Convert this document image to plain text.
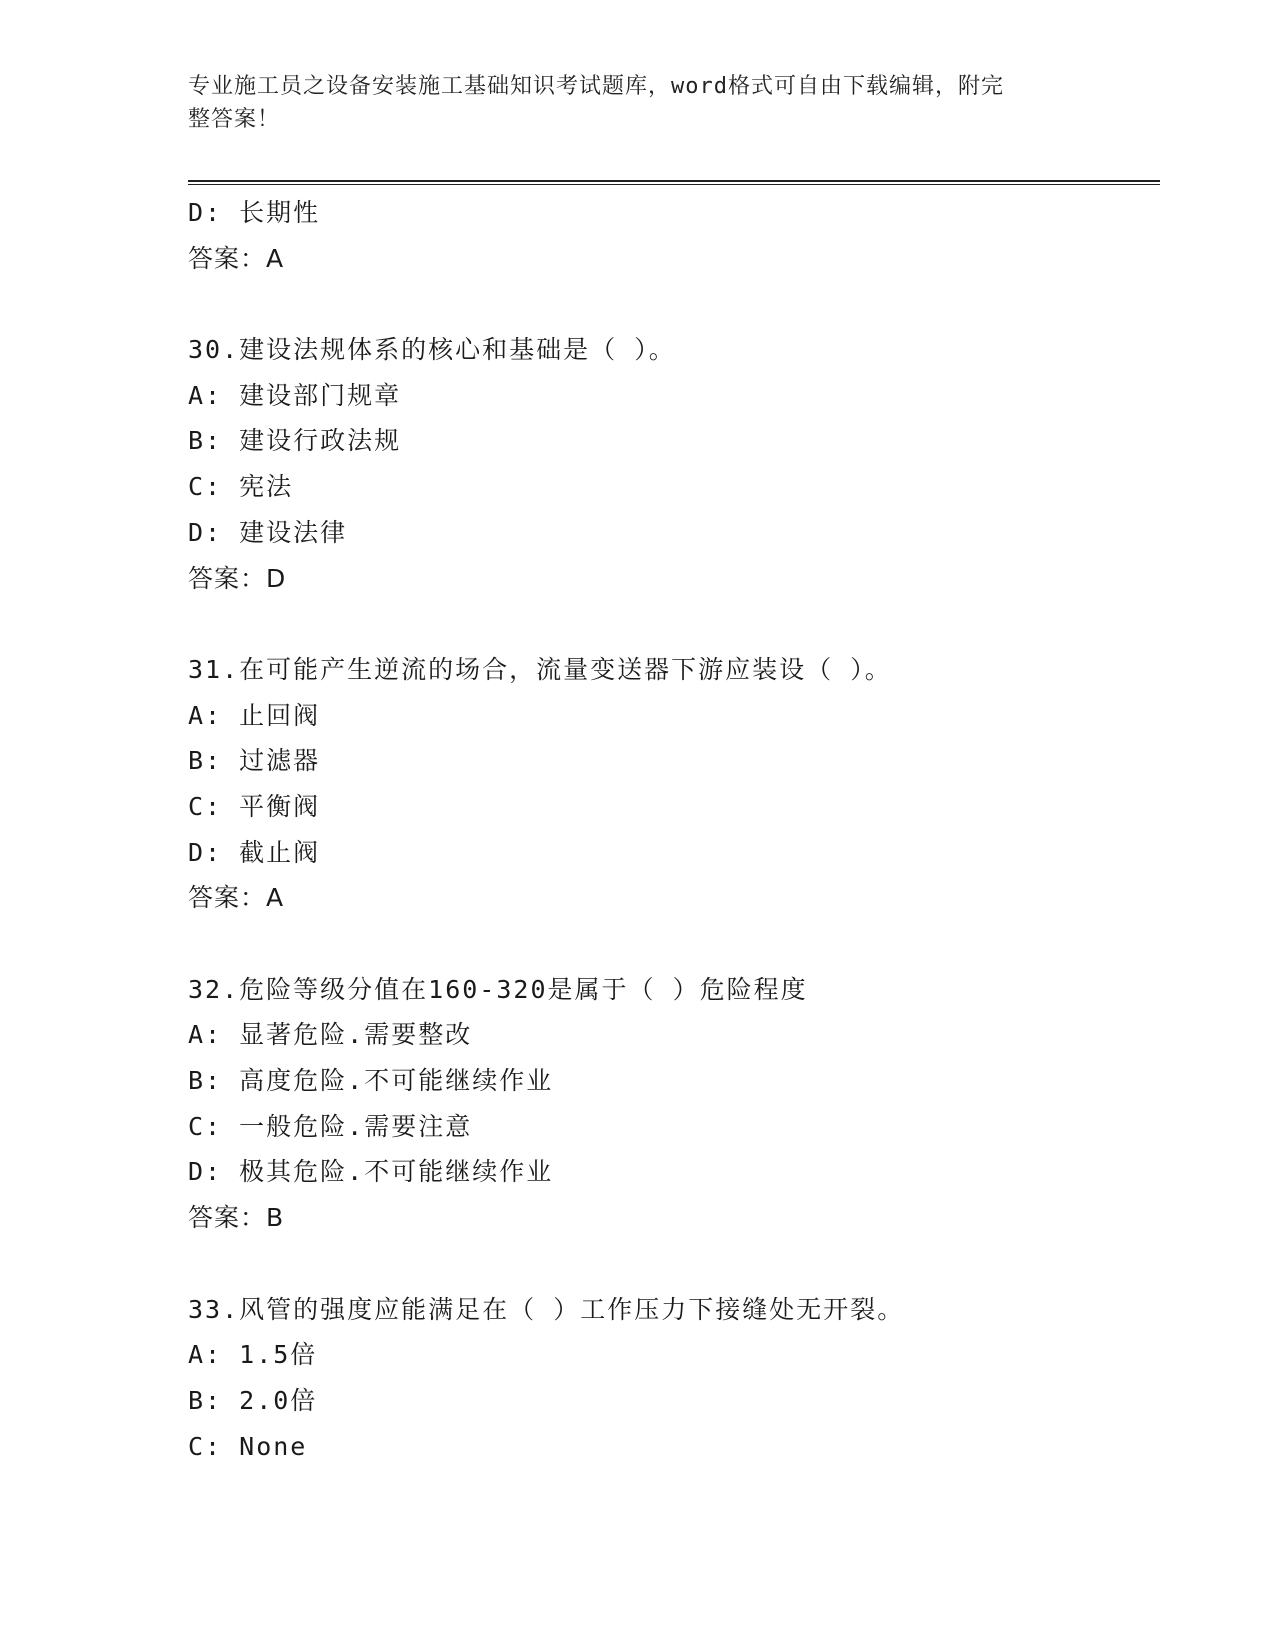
专业施工员之设备安装施工基础知识考试题库，word格式可自由下载编辑，附完
整答案！
D: 长期性
答案：A
30.建设法规体系的核心和基础是（ ）。
A: 建设部门规章
B: 建设行政法规
C: 宪法
D: 建设法律
答案：D
31.在可能产生逆流的场合，流量变送器下游应装设（ ）。
A: 止回阀
B: 过滤器
C: 平衡阀
D: 截止阀
答案：A
32.危险等级分值在160-320是属于（ ）危险程度
A: 显著危险.需要整改
B: 高度危险.不可能继续作业
C: 一般危险.需要注意
D: 极其危险.不可能继续作业
答案：B
33.风管的强度应能满足在（ ）工作压力下接缝处无开裂。
A: 1.5倍
B: 2.0倍
C: None
